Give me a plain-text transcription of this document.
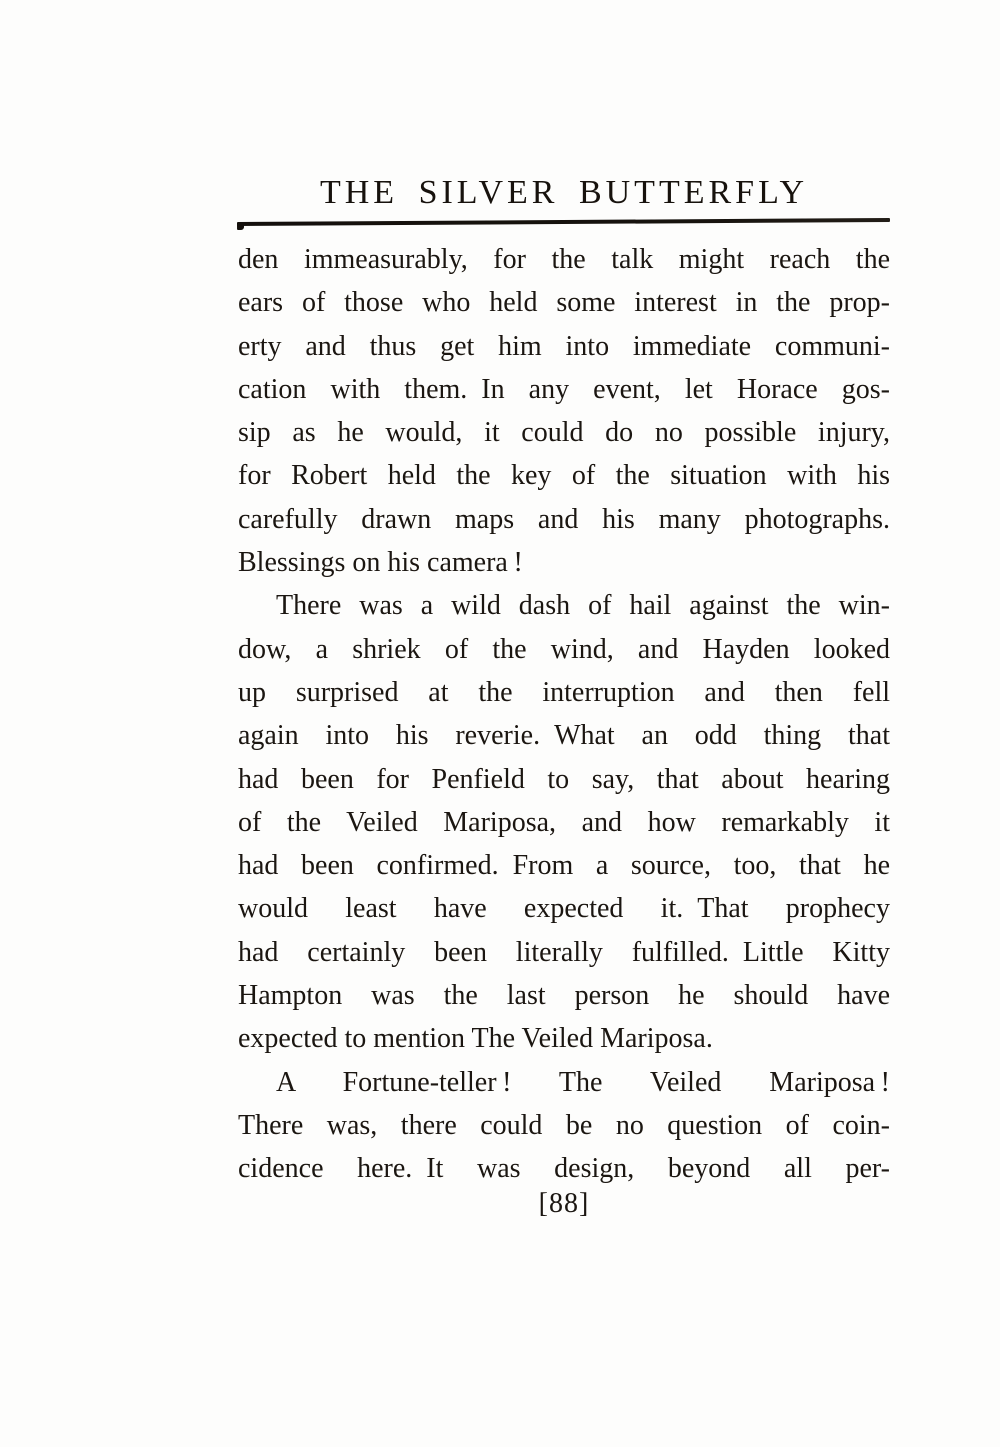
THE SILVER BUTTERFLY
den immeasurably, for the talk might reach the
ears of those who held some interest in the prop-
erty and thus get him into immediate communi-
cation with them. In any event, let Horace gos-
sip as he would, it could do no possible injury,
for Robert held the key of the situation with his
carefully drawn maps and his many photographs.
Blessings on his camera !
There was a wild dash of hail against the win-
dow, a shriek of the wind, and Hayden looked
up surprised at the interruption and then fell
again into his reverie. What an odd thing that
had been for Penfield to say, that about hearing
of the Veiled Mariposa, and how remarkably it
had been confirmed. From a source, too, that he
would least have expected it. That prophecy
had certainly been literally fulfilled. Little Kitty
Hampton was the last person he should have
expected to mention The Veiled Mariposa.
A Fortune-teller ! The Veiled Mariposa !
There was, there could be no question of coin-
cidence here. It was design, beyond all per-
[88]
